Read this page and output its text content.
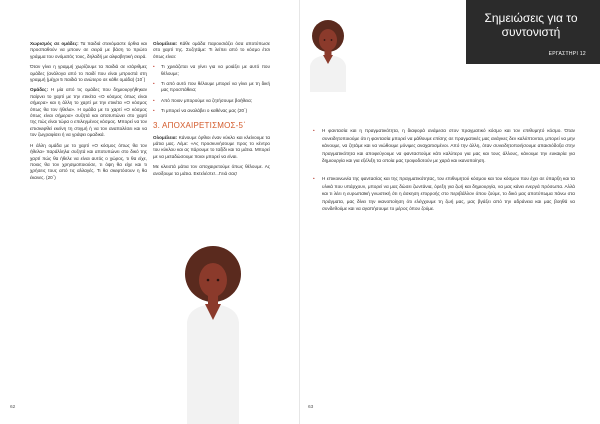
Χωρισμός σε ομάδες: Τα παιδιά στεκόμαστε όρθια και προσπαθούν να μπουν σε σειρά με βάση το πρώτο γράμμα του ονόματός τους, δηλαδή με αλφαβητική σειρά.

Όταν γίνει η γραμμή χωρίζουμε τα παιδιά σε ισάριθμες ομάδες (ανάλογα από το παιδί που είναι μπροστά στη γραμμή (μέχρι 5 παιδιά το ανώτερο σε κάθε ομάδα) (10΄)

Ομάδες: Η μία από τις ομάδες που δημιουργήθηκαν παίρνει το χαρτί με την ετικέτα «Ο κόσμος όπως είναι σήμερα» και η άλλη το χαρτί με την ετικέτα «Ο κόσμος όπως θα τον ήθελα». Η ομάδα με το χαρτί «Ο κόσμος όπως είναι σήμερα» συζητά και αποτυπώνει στο χαρτί της πώς είναι τώρα ο επιλεγμένος κόσμος. Μπορεί να τον επισκεφθεί εκείνη τη στιγμή ή να τον αναπολέσει και να τον ζωγραφίσει ή να γράψει ομαδικά.

Η άλλη ομάδα με το χαρτί «Ο κόσμος όπως θα τον ήθελα» παράλληλα συζητά και αποτυπώνει στο δικό της χαρτί πώς θα ήθελε να είναι αυτός ο χώρος, τι θα είχε, ποιος θα τον χρησιμοποιούσε, τι όψη θα είχε και τι χρήσεις τους από τις αλλαγές. Τι θα σκεφτόσουν η θα έκανες. (20΄)

Ολομέλεια: Κάθε ομάδα παρουσιάζει όσα αποτύπωσε στο χαρτί της. Συζητάμε: Τι λείπει από το κόσμο έτσι όπως είναι:

• Τι χρειάζεται να γίνει για να μοιάζει με αυτό που θέλουμε;
• Τι από αυτό που θέλουμε μπορεί να γίνει με τη δική μας προσπάθεια;
• Από ποιον μπορούμε να ζητήσουμε βοήθεια;
• Τι μπορεί να αναλάβει ο καθένας μας (20΄)
3. ΑΠΟΧΑΙΡΕΤΙΣΜΟΣ-5΄

Ολομέλεια: Κάνουμε όρθιοι έναν κύκλο και κλείνουμε τα μάτια μας. Λέμε: «Ας προσκυνήσουμε προς το κέντρο του κύκλου και ας πάρουμε το ταξίδι και τα μάτια. Μπορεί με να μεταδώσουμε ποιοι μπορεί να είναι.

Με κλειστά μάτια τον αποχαιρετούμε όπως θέλουμε. Ας ανοίξουμε τα μάτια. Εκτελέστε!...Γειά σας!

62
Σημειώσεις για το συντονιστή
ΕΡΓΑΣΤΗΡΙ 12
• Η φαντασία και η πραγματικότητα, η διαφορά ανάμεσα στον πραγματικό κόσμο και τον επιθυμητό κόσμο. Όταν συνειδητοποιούμε ότι η φαντασία μπορεί να μάθουμε επίσης σε πραγματικές μας ανάγκες δεν καλύπτονται, μπορεί να μην κάνουμε, να ζητάμε και να νιώθουμε μόνιμες αναχαιτισμένοι. Από την άλλη, όταν συνειδητοποιήσουμε απαισιόδοξα στην πραγματικότητα και αποφεύγουμε να φανταστούμε κάτι καλύτερο για μας και τους άλλους, κάνουμε την ευκαιρία για δημιουργία και για εξέλιξη τα οποία μας τροφοδοτούν με χαρά και ικανοποίηση.
• Η επικοινωνία της φαντασίας και της πραγματικότητας, του επιθυμητού κόσμου και του κόσμου που έχει σε ύπαρξη και τα υλικά που υπάρχουν, μπορεί να μας δώσει ζωντάνια, όρεξη για ζωή και δημιουργία, να μας κάνει ενεργά πρόσωπα. Αλλά και τι λέει η ευρωπαϊκή γνωστική ότι η άσκηση επιρροής στο περιβάλλον όπου ζούμε, το δικό μας αποτύπωμα πάνω στα πράγματα, μας δίνει την ικανοποίηση ότι ελέγχουμε τη ζωή μας, μας βγάζει από την αδράνεια και μας βοηθά να συνδεθούμε και να αγαπήσουμε το μέρος όπου ζούμε.
63
